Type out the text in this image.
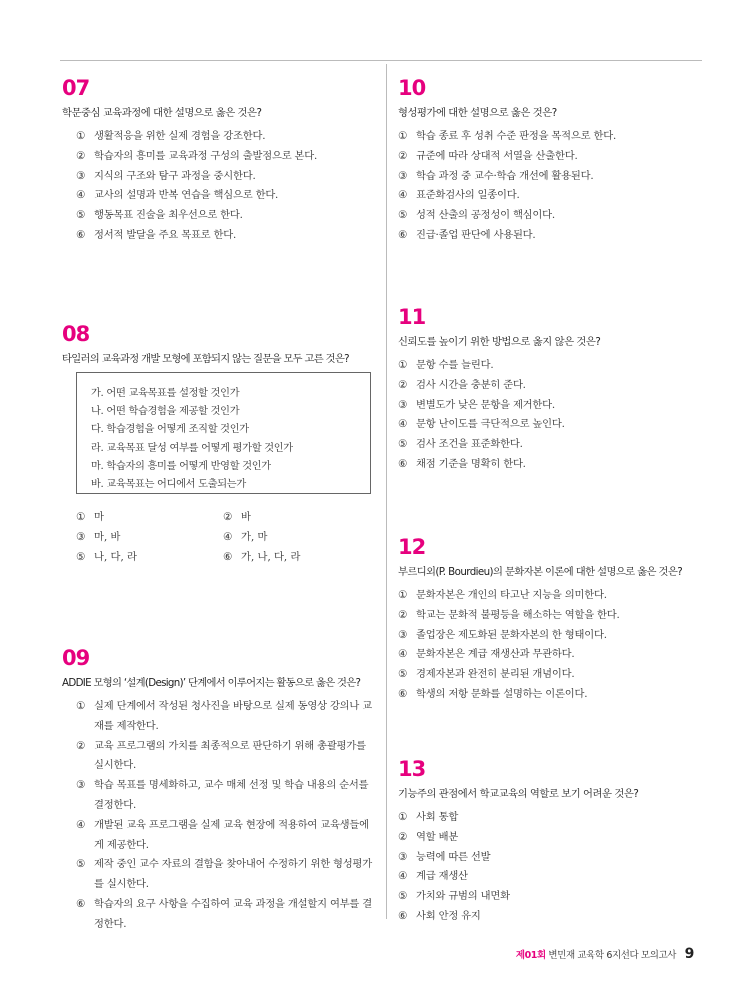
07
학문중심 교육과정에 대한 설명으로 옳은 것은?
① 생활적응을 위한 실제 경험을 강조한다.
② 학습자의 흥미를 교육과정 구성의 출발점으로 본다.
③ 지식의 구조와 탐구 과정을 중시한다.
④ 교사의 설명과 반복 연습을 핵심으로 한다.
⑤ 행동목표 진술을 최우선으로 한다.
⑥ 정서적 발달을 주요 목표로 한다.
08
타일러의 교육과정 개발 모형에 포함되지 않는 질문을 모두 고른 것은?
가. 어떤 교육목표를 설정할 것인가
나. 어떤 학습경험을 제공할 것인가
다. 학습경험을 어떻게 조직할 것인가
라. 교육목표 달성 여부를 어떻게 평가할 것인가
마. 학습자의 흥미를 어떻게 반영할 것인가
바. 교육목표는 어디에서 도출되는가
① 마	② 바
③ 마, 바	④ 가, 마
⑤ 나, 다, 라	⑥ 가, 나, 다, 라
09
ADDIE 모형의 ‘설계(Design)’ 단계에서 이루어지는 활동으로 옳은 것은?
① 실제 단계에서 작성된 청사진을 바탕으로 실제 동영상 강의나 교재를 제작한다.
② 교육 프로그램의 가치를 최종적으로 판단하기 위해 총괄평가를 실시한다.
③ 학습 목표를 명세화하고, 교수 매체 선정 및 학습 내용의 순서를 결정한다.
④ 개발된 교육 프로그램을 실제 교육 현장에 적용하여 교육생들에게 제공한다.
⑤ 제작 중인 교수 자료의 결함을 찾아내어 수정하기 위한 형성평가를 실시한다.
⑥ 학습자의 요구 사항을 수집하여 교육 과정을 개설할지 여부를 결정한다.
10
형성평가에 대한 설명으로 옳은 것은?
① 학습 종료 후 성취 수준 판정을 목적으로 한다.
② 규준에 따라 상대적 서열을 산출한다.
③ 학습 과정 중 교수·학습 개선에 활용된다.
④ 표준화검사의 일종이다.
⑤ 성적 산출의 공정성이 핵심이다.
⑥ 진급·졸업 판단에 사용된다.
11
신뢰도를 높이기 위한 방법으로 옳지 않은 것은?
① 문항 수를 늘린다.
② 검사 시간을 충분히 준다.
③ 변별도가 낮은 문항을 제거한다.
④ 문항 난이도를 극단적으로 높인다.
⑤ 검사 조건을 표준화한다.
⑥ 채점 기준을 명확히 한다.
12
부르디외(P. Bourdieu)의 문화자본 이론에 대한 설명으로 옳은 것은?
① 문화자본은 개인의 타고난 지능을 의미한다.
② 학교는 문화적 불평등을 해소하는 역할을 한다.
③ 졸업장은 제도화된 문화자본의 한 형태이다.
④ 문화자본은 계급 재생산과 무관하다.
⑤ 경제자본과 완전히 분리된 개념이다.
⑥ 학생의 저항 문화를 설명하는 이론이다.
13
기능주의 관점에서 학교교육의 역할로 보기 어려운 것은?
① 사회 통합
② 역할 배분
③ 능력에 따른 선발
④ 계급 재생산
⑤ 가치와 규범의 내면화
⑥ 사회 안정 유지
제01회 변민재 교육학 6지선다 모의고사 9
